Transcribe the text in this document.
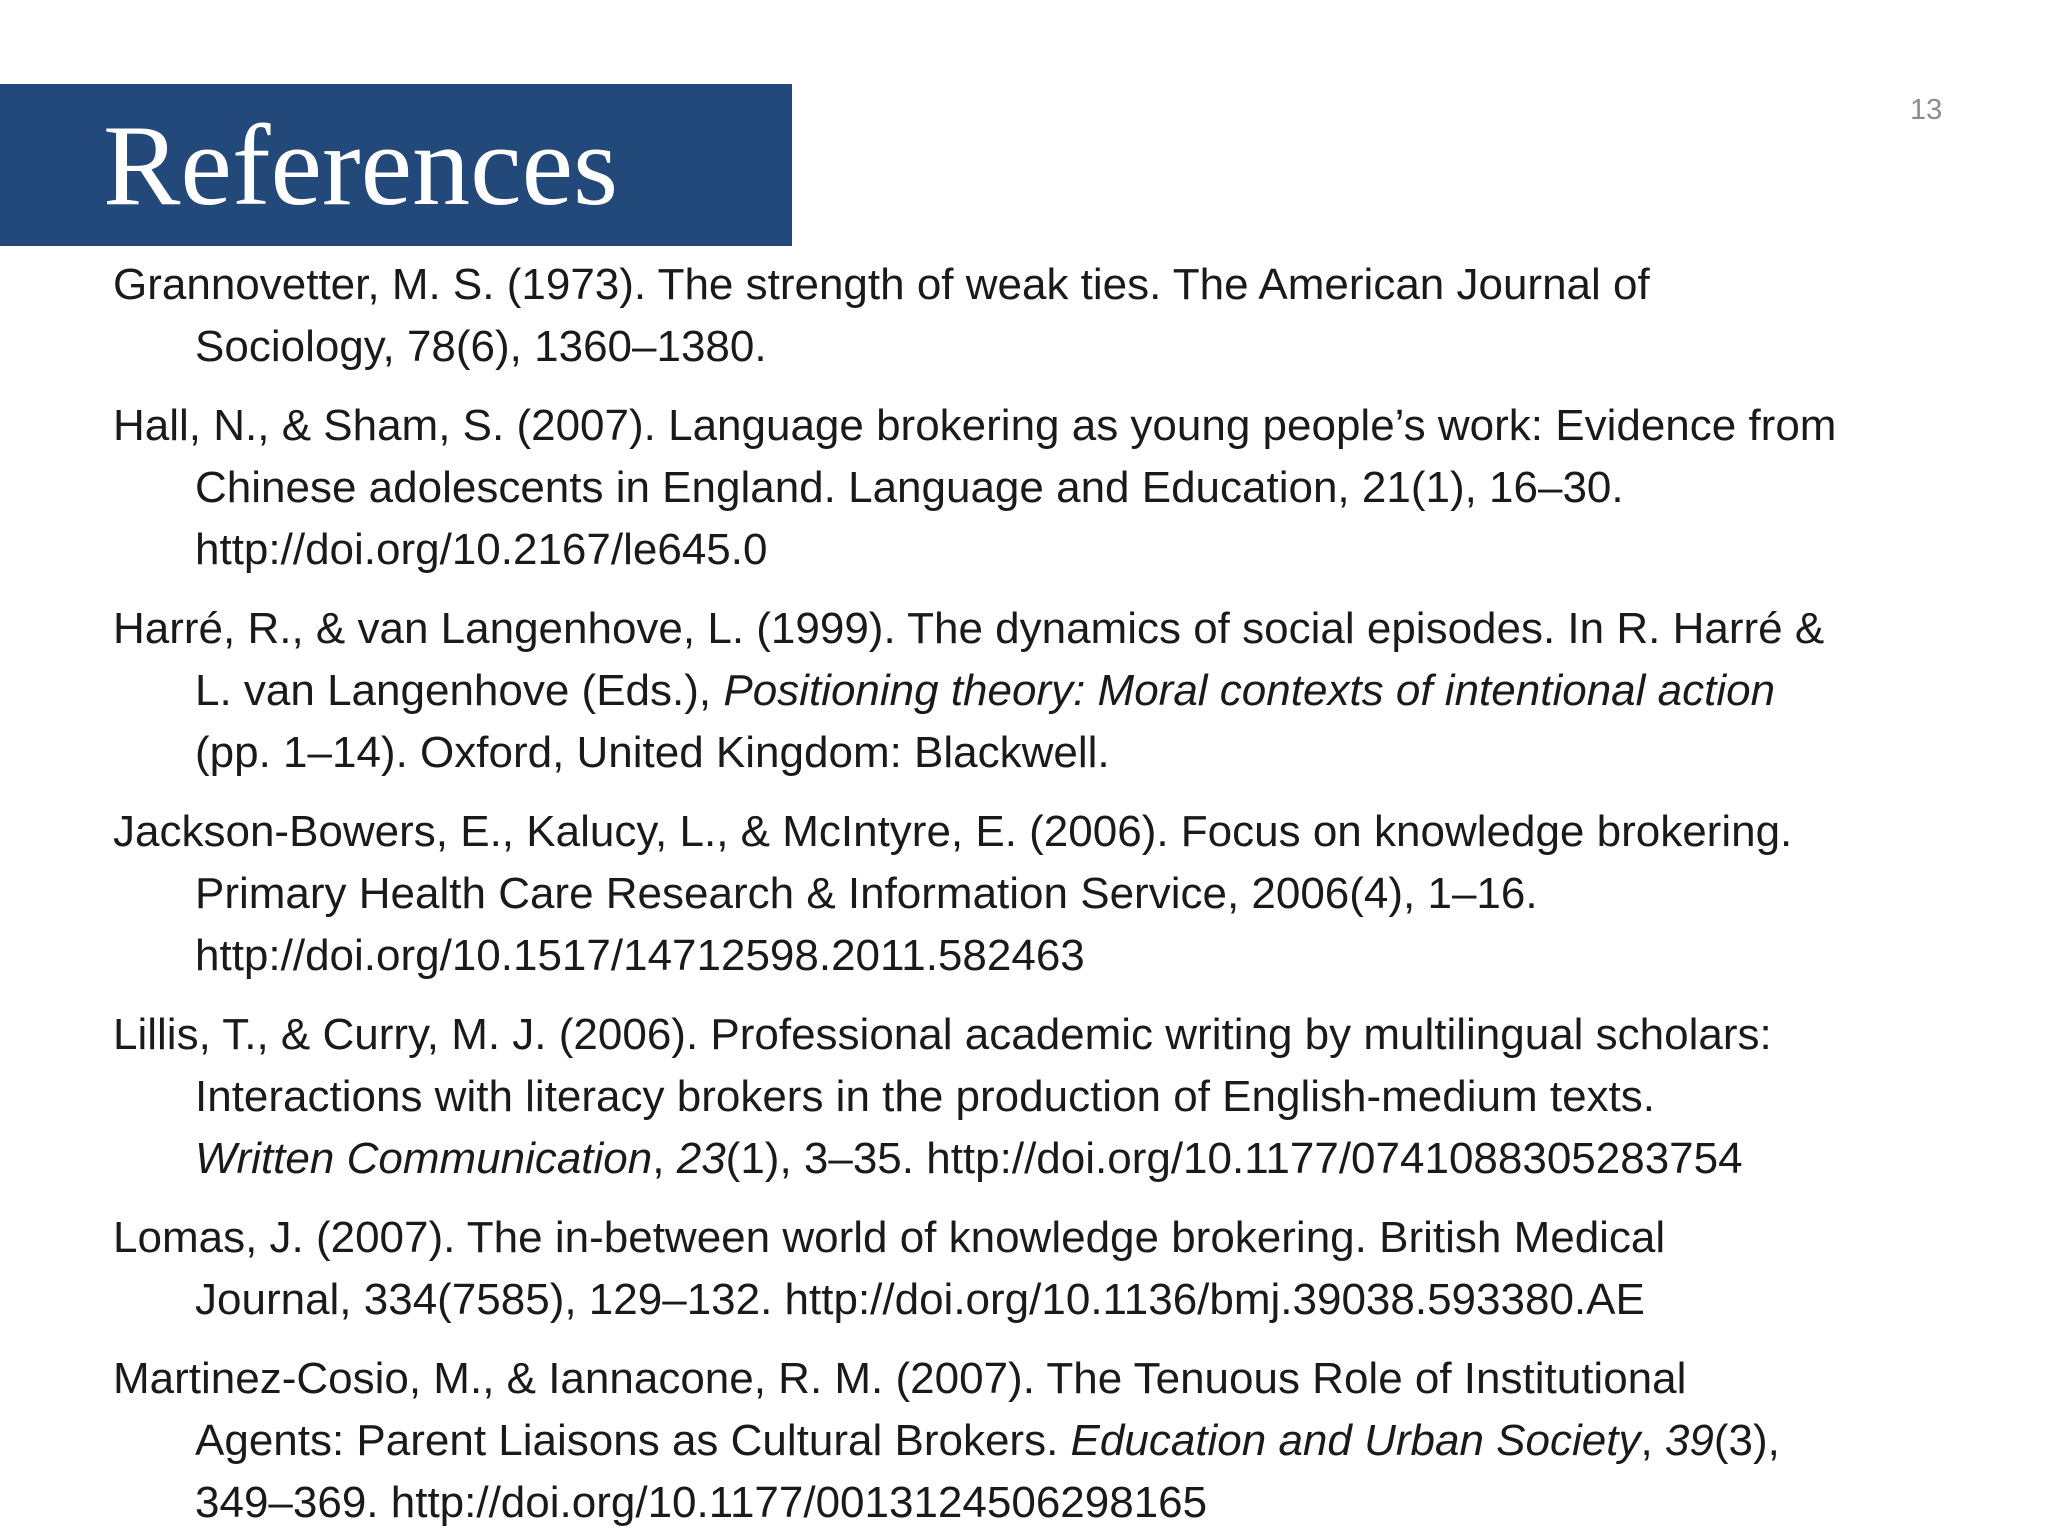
References	13

Grannovetter, M. S. (1973). The strength of weak ties. The American Journal of
Sociology, 78(6), 1360–1380.

Hall, N., & Sham, S. (2007). Language brokering as young people’s work: Evidence from
Chinese adolescents in England. Language and Education, 21(1), 16–30.
http://doi.org/10.2167/le645.0

Harré, R., & van Langenhove, L. (1999). The dynamics of social episodes. In R. Harré &
L. van Langenhove (Eds.), Positioning theory: Moral contexts of intentional action
(pp. 1–14). Oxford, United Kingdom: Blackwell.

Jackson-Bowers, E., Kalucy, L., & McIntyre, E. (2006). Focus on knowledge brokering.
Primary Health Care Research & Information Service, 2006(4), 1–16.
http://doi.org/10.1517/14712598.2011.582463

Lillis, T., & Curry, M. J. (2006). Professional academic writing by multilingual scholars:
Interactions with literacy brokers in the production of English-medium texts.
Written Communication, 23(1), 3–35. http://doi.org/10.1177/0741088305283754

Lomas, J. (2007). The in-between world of knowledge brokering. British Medical
Journal, 334(7585), 129–132. http://doi.org/10.1136/bmj.39038.593380.AE

Martinez-Cosio, M., & Iannacone, R. M. (2007). The Tenuous Role of Institutional
Agents: Parent Liaisons as Cultural Brokers. Education and Urban Society, 39(3),
349–369. http://doi.org/10.1177/0013124506298165
